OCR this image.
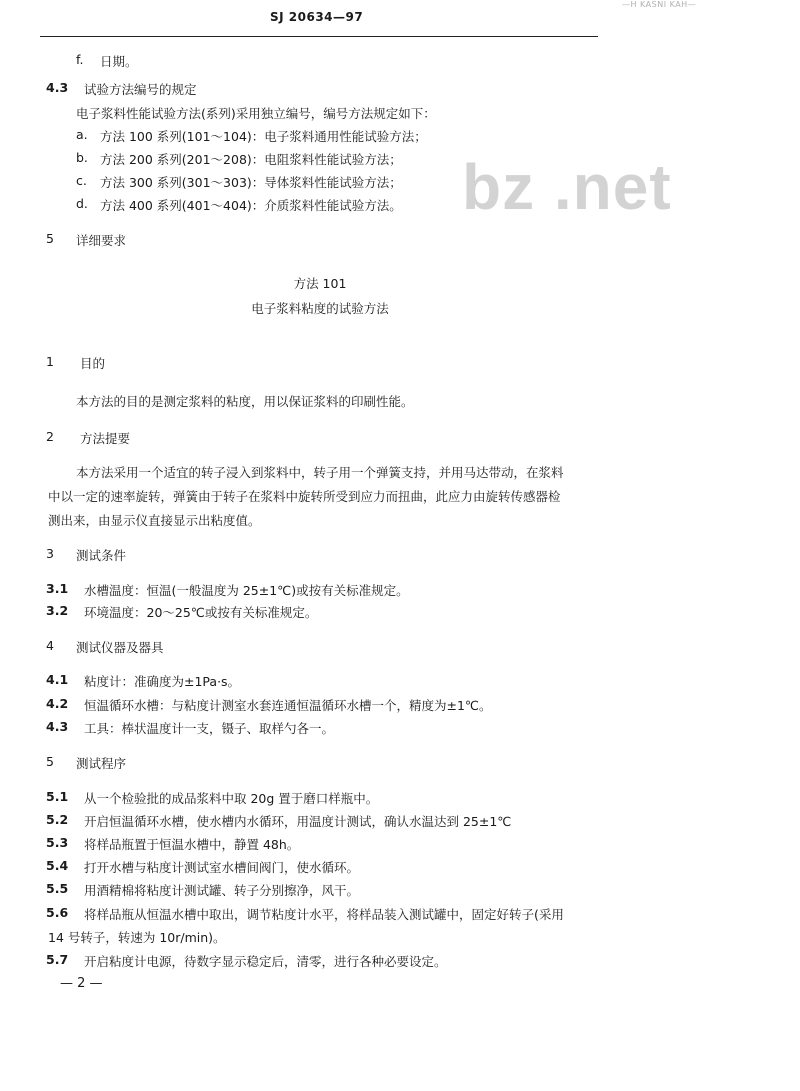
SJ 20634—97
—H KASNI KAH—
bz .net
f. 日期。
4.3 试验方法编号的规定
电子浆料性能试验方法(系列)采用独立编号，编号方法规定如下：
a. 方法 100 系列(101～104)：电子浆料通用性能试验方法；
b. 方法 200 系列(201～208)：电阻浆料性能试验方法；
c. 方法 300 系列(301～303)：导体浆料性能试验方法；
d. 方法 400 系列(401～404)：介质浆料性能试验方法。
5 详细要求
方法 101
电子浆料粘度的试验方法
1 目的
本方法的目的是测定浆料的粘度，用以保证浆料的印刷性能。
2 方法提要
本方法采用一个适宜的转子浸入到浆料中，转子用一个弹簧支持，并用马达带动，在浆料
中以一定的速率旋转，弹簧由于转子在浆料中旋转所受到应力而扭曲，此应力由旋转传感器检
测出来，由显示仪直接显示出粘度值。
3 测试条件
3.1 水槽温度：恒温(一般温度为 25±1℃)或按有关标准规定。
3.2 环境温度：20～25℃或按有关标准规定。
4 测试仪器及器具
4.1 粘度计：准确度为±1Pa·s。
4.2 恒温循环水槽：与粘度计测室水套连通恒温循环水槽一个，精度为±1℃。
4.3 工具：棒状温度计一支，镊子、取样勺各一。
5 测试程序
5.1 从一个检验批的成品浆料中取 20g 置于磨口样瓶中。
5.2 开启恒温循环水槽，使水槽内水循环，用温度计测试，确认水温达到 25±1℃
5.3 将样品瓶置于恒温水槽中，静置 48h。
5.4 打开水槽与粘度计测试室水槽间阀门，使水循环。
5.5 用酒精棉将粘度计测试罐、转子分别擦净，风干。
5.6 将样品瓶从恒温水槽中取出，调节粘度计水平，将样品装入测试罐中，固定好转子(采用
14 号转子，转速为 10r/min)。
5.7 开启粘度计电源，待数字显示稳定后，清零，进行各种必要设定。
— 2 —
